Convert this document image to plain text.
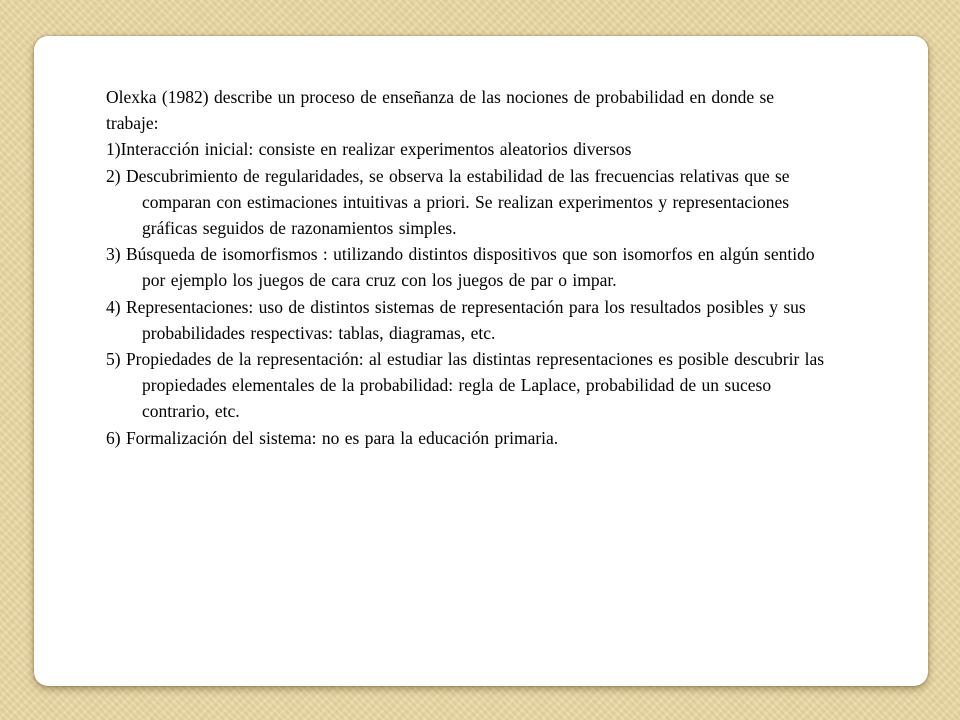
Olexka (1982) describe un proceso de enseñanza de las nociones de probabilidad en donde se trabaje:

1)Interacción inicial: consiste en realizar experimentos aleatorios diversos

2) Descubrimiento de regularidades, se observa la estabilidad de las frecuencias relativas que se comparan con estimaciones intuitivas a priori. Se realizan experimentos y representaciones gráficas seguidos de razonamientos simples.

3) Búsqueda de isomorfismos : utilizando distintos dispositivos que son isomorfos en algún sentido por ejemplo los juegos de cara cruz con los juegos de par o impar.

4) Representaciones: uso de distintos sistemas de representación para los resultados posibles y sus probabilidades respectivas: tablas, diagramas, etc.

5) Propiedades de la representación: al estudiar las distintas representaciones es posible descubrir las propiedades elementales de la probabilidad: regla de Laplace, probabilidad de un suceso contrario, etc.

6) Formalización del sistema: no es para la educación primaria.
